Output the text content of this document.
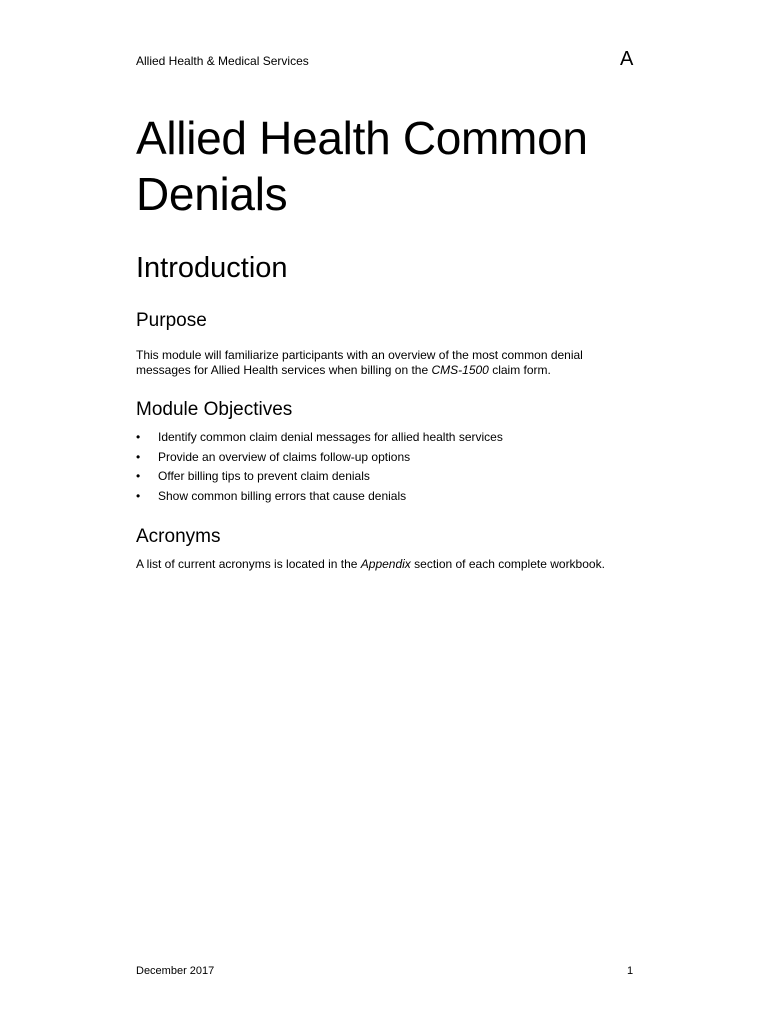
Allied Health & Medical Services	A
Allied Health Common Denials
Introduction
Purpose

This module will familiarize participants with an overview of the most common denial messages for Allied Health services when billing on the CMS-1500 claim form.

Module Objectives
• Identify common claim denial messages for allied health services
• Provide an overview of claims follow-up options
• Offer billing tips to prevent claim denials
• Show common billing errors that cause denials
Acronyms

A list of current acronyms is located in the Appendix section of each complete workbook.

December 2017	1
